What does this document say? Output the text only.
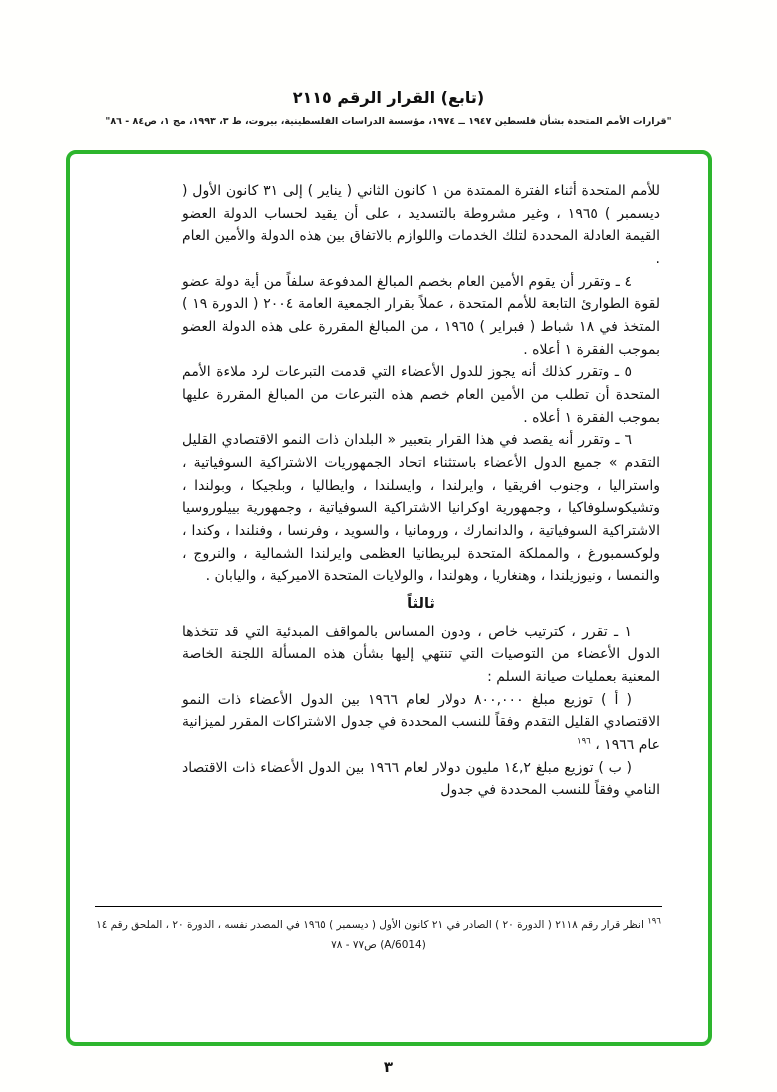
(تابع) القرار الرقم ٢١١٥
"قرارات الأمم المتحدة بشأن فلسطين ١٩٤٧ ــ ١٩٧٤، مؤسسة الدراسات الفلسطينية، بيروت، ط ٣، ١٩٩٣، مج ١، ص٨٤ - ٨٦"

للأمم المتحدة أثناء الفترة الممتدة من ١ كانون الثاني ( يناير ) إلى ٣١ كانون الأول ( ديسمبر ) ١٩٦٥ ، وغير مشروطة بالتسديد ، على أن يقيد لحساب الدولة العضو القيمة العادلة المحددة لتلك الخدمات واللوازم بالاتفاق بين هذه الدولة والأمين العام .

٤ ـ وتقرر أن يقوم الأمين العام بخصم المبالغ المدفوعة سلفاً من أية دولة عضو لقوة الطوارئ التابعة للأمم المتحدة ، عملاً بقرار الجمعية العامة ٢٠٠٤ ( الدورة ١٩ ) المتخذ في ١٨ شباط ( فبراير ) ١٩٦٥ ، من المبالغ المقررة على هذه الدولة العضو بموجب الفقرة ١ أعلاه .

٥ ـ وتقرر كذلك أنه يجوز للدول الأعضاء التي قدمت التبرعات لرد ملاءة الأمم المتحدة أن تطلب من الأمين العام خصم هذه التبرعات من المبالغ المقررة عليها بموجب الفقرة ١ أعلاه .

٦ ـ وتقرر أنه يقصد في هذا القرار بتعبير « البلدان ذات النمو الاقتصادي القليل التقدم » جميع الدول الأعضاء باستثناء اتحاد الجمهوريات الاشتراكية السوفياتية ، واستراليا ، وجنوب افريقيا ، وايرلندا ، وايسلندا ، وايطاليا ، وبلجيكا ، وبولندا ، وتشيكوسلوفاكيا ، وجمهورية اوكرانيا الاشتراكية السوفياتية ، وجمهورية بييلوروسيا الاشتراكية السوفياتية ، والدانمارك ، ورومانيا ، والسويد ، وفرنسا ، وفنلندا ، وكندا ، ولوكسمبورغ ، والمملكة المتحدة لبريطانيا العظمى وايرلندا الشمالية ، والنروج ، والنمسا ، ونيوزيلندا ، وهنغاريا ، وهولندا ، والولايات المتحدة الاميركية ، واليابان .

ثالثاً

١ ـ تقرر ، كترتيب خاص ، ودون المساس بالمواقف المبدئية التي قد تتخذها الدول الأعضاء من التوصيات التي تنتهي إليها بشأن هذه المسألة اللجنة الخاصة المعنية بعمليات صيانة السلم :

( أ ) توزيع مبلغ ٨٠٠,٠٠٠ دولار لعام ١٩٦٦ بين الدول الأعضاء ذات النمو الاقتصادي القليل التقدم وفقاً للنسب المحددة في جدول الاشتراكات المقرر لميزانية عام ١٩٦٦ ، $^{١٩٦}$

( ب ) توزيع مبلغ ١٤,٢ مليون دولار لعام ١٩٦٦ بين الدول الأعضاء ذات الاقتصاد النامي وفقاً للنسب المحددة في جدول

$^{١٩٦}$ انظر قرار رقم ٢١١٨ ( الدورة ٢٠ ) الصادر في ٢١ كانون الأول ( ديسمبر ) ١٩٦٥ في المصدر نفسه ، الدورة ٢٠ ، الملحق رقم ١٤ (A/6014) ص٧٧ - ٧٨
٣
